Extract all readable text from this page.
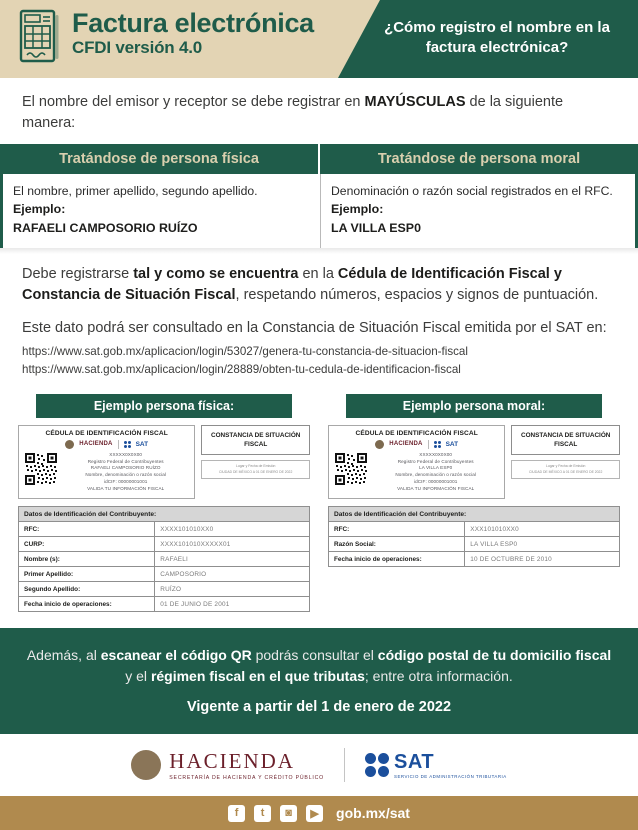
Factura electrónica
CFDI versión 4.0
¿Cómo registro el nombre en la factura electrónica?
El nombre del emisor y receptor se debe registrar en MAYÚSCULAS de la siguiente manera:
Tratándose de persona física	Tratándose de persona moral
El nombre, primer apellido, segundo apellido.
Ejemplo:
RAFAELI CAMPOSORIO RUÍZO
Denominación o razón social registrados en el RFC.
Ejemplo:
LA VILLA ESP0
Debe registrarse tal y como se encuentra en la Cédula de Identificación Fiscal y Constancia de Situación Fiscal, respetando números, espacios y signos de puntuación.
Este dato podrá ser consultado en la Constancia de Situación Fiscal emitida por el SAT en:
https://www.sat.gob.mx/aplicacion/login/53027/genera-tu-constancia-de-situacion-fiscal
https://www.sat.gob.mx/aplicacion/login/28889/obten-tu-cedula-de-identificacion-fiscal
Ejemplo persona física:
CÉDULA DE IDENTIFICACIÓN FISCAL
HACIENDA	SAT
XXXXX0X0X00
Registro Federal de Contribuyentes
RAFAELI CAMPOSORIO RUÍZO
Nombre, denominación o razón social
idCIF: 00000001001
VALIDA TU INFORMACIÓN FISCAL
CONSTANCIA DE SITUACIÓN FISCAL
Lugar y Fecha de Emisión
CIUDAD DE MÉXICO A 01 DE ENERO DE 2022
Datos de Identificación del Contribuyente:
RFC:	XXXX101010XX0
CURP:	XXXX101010XXXXX01
Nombre (s):	RAFAELI
Primer Apellido:	CAMPOSORIO
Segundo Apellido:	RUÍZO
Fecha inicio de operaciones:	01 DE JUNIO DE 2001
Ejemplo persona moral:
CÉDULA DE IDENTIFICACIÓN FISCAL
HACIENDA	SAT
XXXXX0X0X00
Registro Federal de Contribuyentes
LA VILLA ESP0
Nombre, denominación o razón social
idCIF: 00000001001
VALIDA TU INFORMACIÓN FISCAL
CONSTANCIA DE SITUACIÓN FISCAL
Lugar y Fecha de Emisión
CIUDAD DE MÉXICO A 01 DE ENERO DE 2022
Datos de Identificación del Contribuyente:
RFC:	XXX101010XX0
Razón Social:	LA VILLA ESP0
Fecha inicio de operaciones:	10 DE OCTUBRE DE 2010
Además, al escanear el código QR podrás consultar el código postal de tu domicilio fiscal y el régimen fiscal en el que tributas; entre otra información.
Vigente a partir del 1 de enero de 2022
HACIENDA
SECRETARÍA DE HACIENDA Y CRÉDITO PÚBLICO
SAT
SERVICIO DE ADMINISTRACIÓN TRIBUTARIA
f	t	◙	▶	gob.mx/sat
